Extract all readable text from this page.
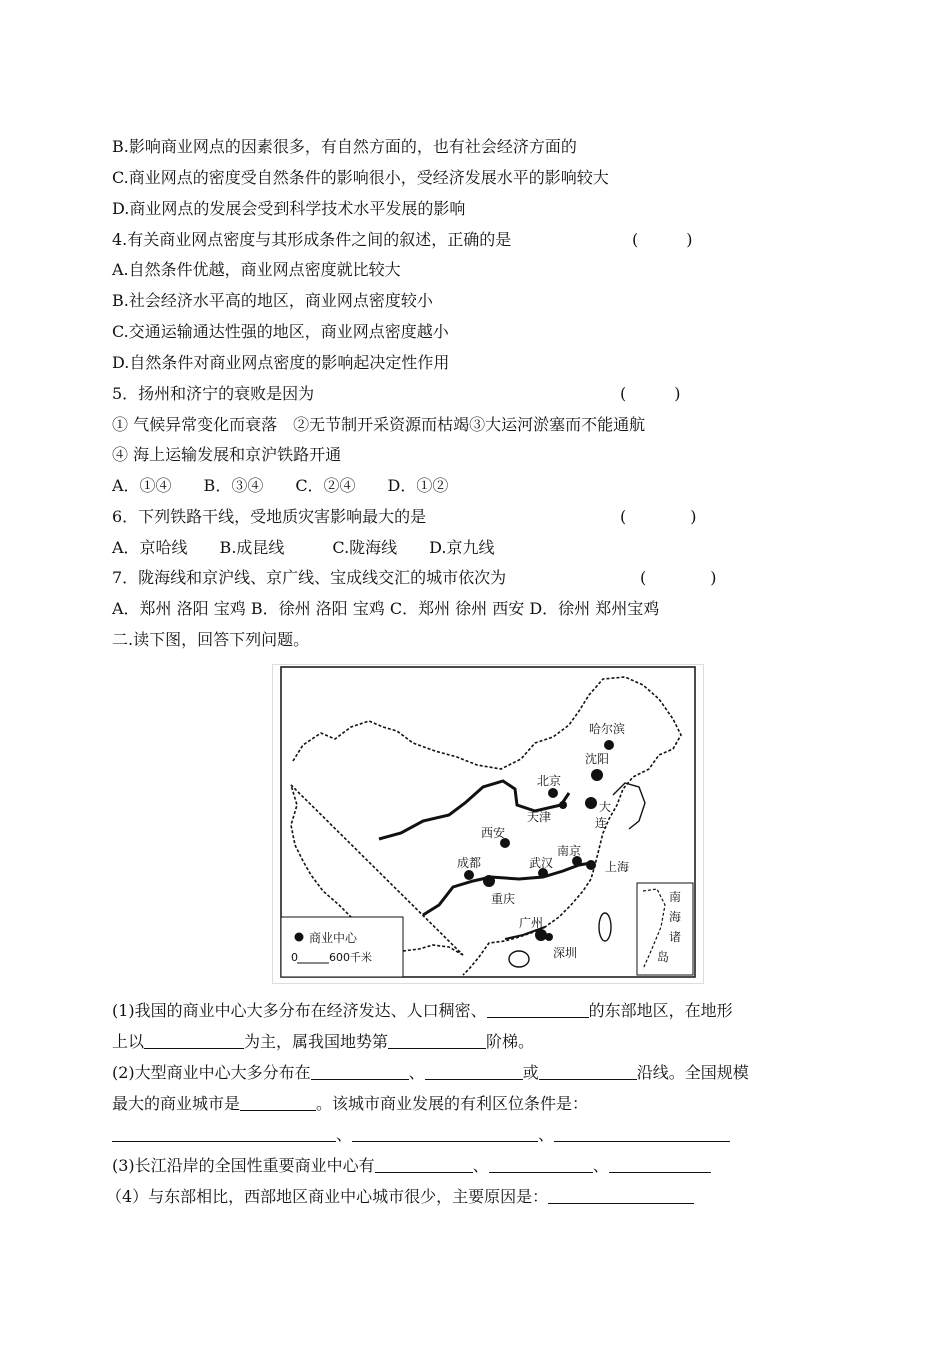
B.影响商业网点的因素很多，有自然方面的，也有社会经济方面的
C.商业网点的密度受自然条件的影响很小，受经济发展水平的影响较大
D.商业网点的发展会受到科学技术水平发展的影响
4.有关商业网点密度与其形成条件之间的叙述，正确的是	(　　　)
A.自然条件优越，商业网点密度就比较大
B.社会经济水平高的地区，商业网点密度较小
C.交通运输通达性强的地区，商业网点密度越小
D.自然条件对商业网点密度的影响起决定性作用
5．扬州和济宁的衰败是因为	(　　　)
① 气候异常变化而衰落　②无节制开采资源而枯竭③大运河淤塞而不能通航
④ 海上运输发展和京沪铁路开通
A．①④　　B．③④　　C．②④　　D．①②
6．下列铁路干线，受地质灾害影响最大的是	(　　　　)
A．京哈线　　B.成昆线　　　C.陇海线　　D.京九线
7．陇海线和京沪线、京广线、宝成线交汇的城市依次为	(　　　　)
A．郑州 洛阳 宝鸡 B．徐州 洛阳 宝鸡 C．郑州 徐州 西安 D．徐州 郑州宝鸡
二.读下图，回答下列问题。
商业中心
0	600千米
南
海
诸
岛
哈尔滨
沈阳
北京
天津
大
连
西安
成都	武汉
南京
上海
重庆
广州
深圳
(1)我国的商业中心大多分布在经济发达、人口稠密、	的东部地区，在地形
上以	为主，属我国地势第	阶梯。
(2)大型商业中心大多分布在	、	或	沿线。全国规模
最大的商业城市是	。该城市商业发展的有利区位条件是：
、	、
(3)长江沿岸的全国性重要商业中心有	、	、
（4）与东部相比，西部地区商业中心城市很少，主要原因是：
